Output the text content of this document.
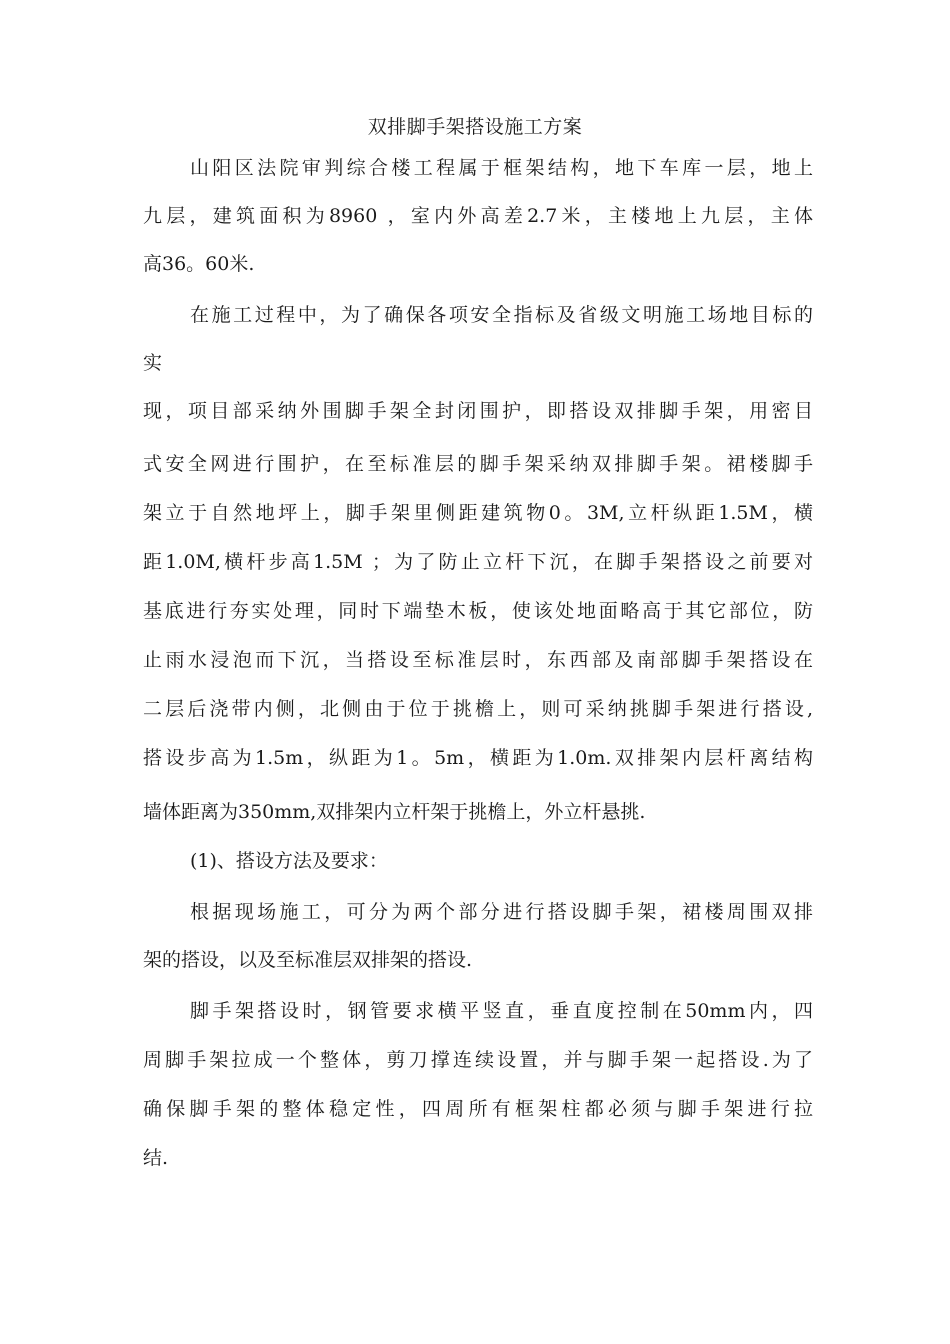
双排脚手架搭设施工方案
山阳区法院审判综合楼工程属于框架结构，地下车库一层，地上
九层，建筑面积为8960 ，室内外高差2.7米，主楼地上九层，主体
高36。60米.
在施工过程中，为了确保各项安全指标及省级文明施工场地目标的
实
现，项目部采纳外围脚手架全封闭围护，即搭设双排脚手架，用密目
式安全网进行围护，在至标准层的脚手架采纳双排脚手架。裙楼脚手
架立于自然地坪上，脚手架里侧距建筑物0。3M,立杆纵距1.5M，横
距1.0M,横杆步高1.5M ；为了防止立杆下沉，在脚手架搭设之前要对
基底进行夯实处理，同时下端垫木板，使该处地面略高于其它部位，防
止雨水浸泡而下沉，当搭设至标准层时，东西部及南部脚手架搭设在
二层后浇带内侧，北侧由于位于挑檐上，则可采纳挑脚手架进行搭设,
搭设步高为1.5m，纵距为1。5m，横距为1.0m.双排架内层杆离结构
墙体距离为350mm,双排架内立杆架于挑檐上，外立杆悬挑.
(1)、搭设方法及要求：
根据现场施工，可分为两个部分进行搭设脚手架，裙楼周围双排
架的搭设，以及至标准层双排架的搭设.
脚手架搭设时，钢管要求横平竖直，垂直度控制在50mm内，四
周脚手架拉成一个整体，剪刀撑连续设置，并与脚手架一起搭设.为了
确保脚手架的整体稳定性，四周所有框架柱都必须与脚手架进行拉
结.
